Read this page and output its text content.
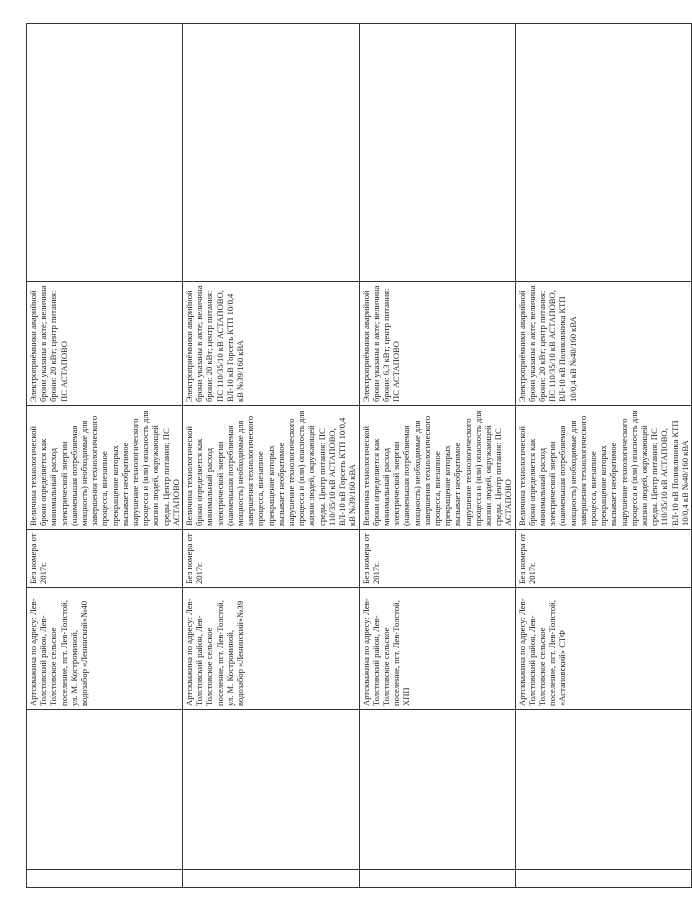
		Артскважина по адресу: Лев-Толстовский район, Лев-Толстовское сельское поселение, пгт. Лев-Толстой, ул. М. Костроминой, водозабор «Ленинский»№40	Без номера от 2017г.	Величина технологической брони определяется как минимальный расход электрической энергии (наименьшая потребляемая мощность) необходимые для завершения технологического процесса, внезапное прекращение которых вызывает необратимое нарушение технологического процесса и (или) опасность для жизни людей, окружающей среды. Центр питания: ПС АСТАПОВО	Электроприёмники аварийной брони указаны в акте; величина брони: 20 кВт; центр питания: ПС АСТАПОВО	
		Артскважина по адресу: Лев-Толстовский район, Лев-Толстовское сельское поселение, пгт. Лев-Толстой, ул. М. Костроминой, водозабор «Ленинский»№39	Без номера от 2017г.	Величина технологической брони определяется как минимальный расход электрической энергии (наименьшая потребляемая мощность) необходимые для завершения технологического процесса, внезапное прекращение которых вызывает необратимое нарушение технологического процесса и (или) опасность для жизни людей, окружающей среды. Центр питания: ПС 110/35/10 кВ АСТАПОВО, ВЛ-10 кВ Горсеть КТП 10/0,4 кВ №39/160 кВА	Электроприёмники аварийной брони указаны в акте; величина брони: 20 кВт; центр питания: ПС 110/35/10 кВ АСТАПОВО, ВЛ-10 кВ Горсеть КТП 10/0,4 кВ №39/160 кВА	
		Артскважина по адресу: Лев-Толстовский район, Лев-Толстовское сельское поселение, пгт. Лев-Толстой, ХПП	Без номера от 2017г.	Величина технологической брони определяется как минимальный расход электрической энергии (наименьшая потребляемая мощность) необходимые для завершения технологического процесса, внезапное прекращение которых вызывает необратимое нарушение технологического процесса и (или) опасность для жизни людей, окружающей среды. Центр питания: ПС АСТАПОВО	Электроприёмники аварийной брони указаны в акте; величина брони: 6,3 кВт; центр питания: ПС АСТАПОВО	
		Артскважина по адресу: Лев-Толстовский район, Лев-Толстовское сельское поселение, пгт. Лев-Толстой, «Астаповский» СТФ	Без номера от 2017г.	Величина технологической брони определяется как минимальный расход электрической энергии (наименьшая потребляемая мощность) необходимые для завершения технологического процесса, внезапное прекращение которых вызывает необратимое нарушение технологического процесса и (или) опасность для жизни людей, окружающей среды. Центр питания: ПС 110/35/10 кВ АСТАПОВО, ВЛ-10 кВ Поликлиника КТП 10/0,4 кВ №40/160 кВА	Электроприёмники аварийной брони указаны в акте; величина брони: 20 кВт; центр питания: ПС 110/35/10 кВ АСТАПОВО, ВЛ-10 кВ Поликлиника КТП 10/0,4 кВ №40/160 кВА	
